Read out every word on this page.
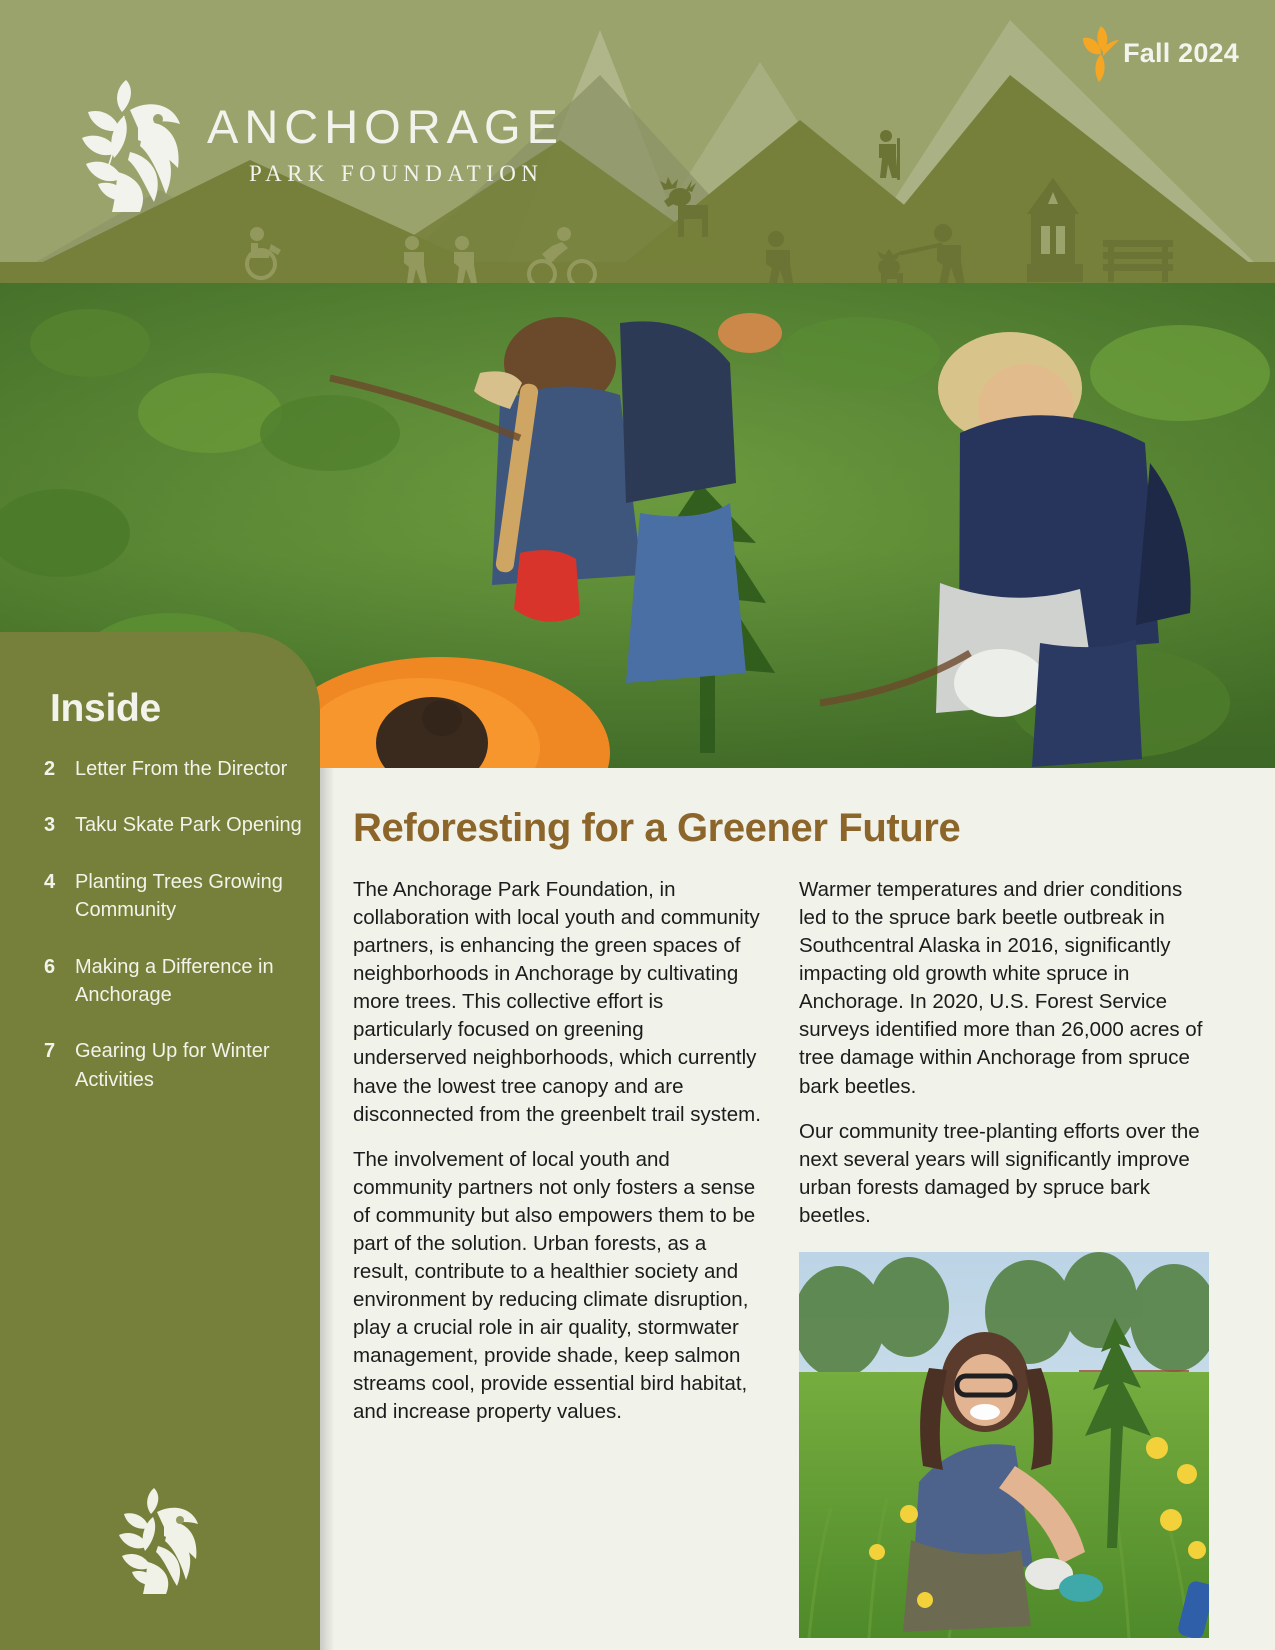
ANCHORAGE
PARK FOUNDATION
Fall 2024
Inside
2 Letter From the Director
3 Taku Skate Park Opening
4 Planting Trees Growing Community
6 Making a Difference in Anchorage
7 Gearing Up for Winter Activities
Reforesting for a Greener Future

The Anchorage Park Foundation, in collaboration with local youth and community partners, is enhancing the green spaces of neighborhoods in Anchorage by cultivating more trees. This collective effort is particularly focused on greening underserved neighborhoods, which currently have the lowest tree canopy and are disconnected from the greenbelt trail system.

The involvement of local youth and community partners not only fosters a sense of community but also empowers them to be part of the solution. Urban forests, as a result, contribute to a healthier society and environment by reducing climate disruption, play a crucial role in air quality, stormwater management, provide shade, keep salmon streams cool, provide essential bird habitat, and increase property values.

Warmer temperatures and drier conditions led to the spruce bark beetle outbreak in Southcentral Alaska in 2016, significantly impacting old growth white spruce in Anchorage. In 2020, U.S. Forest Service surveys identified more than 26,000 acres of tree damage within Anchorage from spruce bark beetles.

Our community tree-planting efforts over the next several years will significantly improve urban forests damaged by spruce bark beetles.
